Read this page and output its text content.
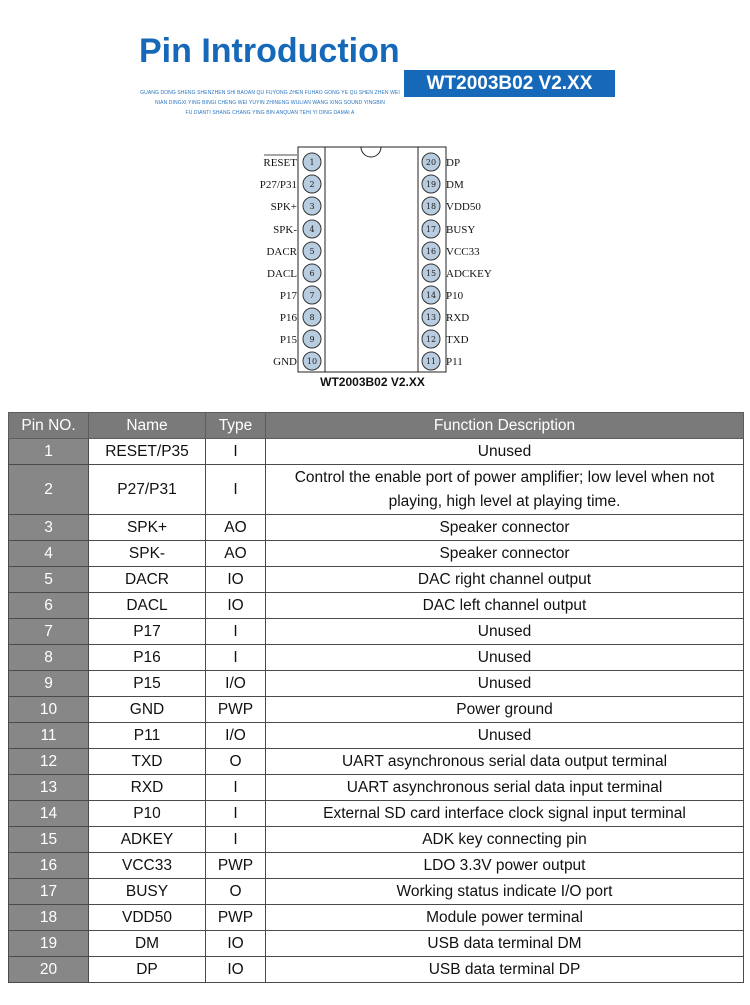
Pin Introduction
WT2003B02 V2.XX
GUANG DONG SHENG SHENZHEN SHI BAOAN QU FUYONG ZHEN FUHAO GONG YE QU SHEN ZHEN WEI
NIAN DINGXI YING BINGI CHENG WEI YUYIN ZHINENG WULIAN WANG XING SOUND YINGBIN
FU DIANTI SHANG CHANG YING BIN ANQUAN TEHI YI DING DAMAI A
1
RESET
2
P27/P31
3
SPK+
4
SPK-
5
DACR
6
DACL
7
P17
8
P16
9
P15
10
GND
20 DP
19 DM
18 VDD50
17 BUSY
16 VCC33
15 ADCKEY
14 P10
13 RXD
12 TXD
11 P11
WT2003B02 V2.XX
Pin NO.	Name	Type	Function Description
1	RESET/P35	I	Unused
2	P27/P31	I	Control the enable port of power amplifier; low level when not playing, high level at playing time.
3	SPK+	AO	Speaker connector
4	SPK-	AO	Speaker connector
5	DACR	IO	DAC right channel output
6	DACL	IO	DAC left channel output
7	P17	I	Unused
8	P16	I	Unused
9	P15	I/O	Unused
10	GND	PWP	Power ground
11	P11	I/O	Unused
12	TXD	O	UART asynchronous serial data output terminal
13	RXD	I	UART asynchronous serial data input terminal
14	P10	I	External SD card interface clock signal input terminal
15	ADKEY	I	ADK key connecting pin
16	VCC33	PWP	LDO 3.3V power output
17	BUSY	O	Working status indicate I/O port
18	VDD50	PWP	Module power terminal
19	DM	IO	USB data terminal DM
20	DP	IO	USB data terminal DP
